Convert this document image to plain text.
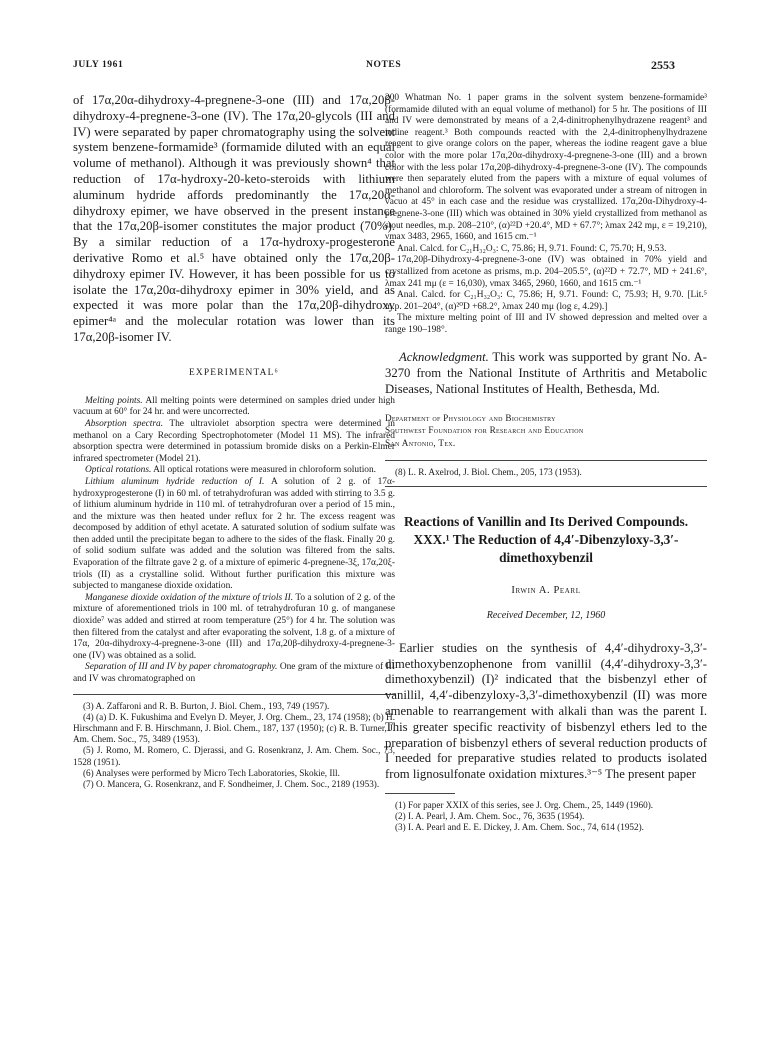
JULY 1961	NOTES	2553

of 17α,20α-dihydroxy-4-pregnene-3-one (III) and 17α,20β-dihydroxy-4-pregnene-3-one (IV). The 17α,20-glycols (III and IV) were separated by paper chromatography using the solvent system benzene-formamide³ (formamide diluted with an equal volume of methanol). Although it was previously shown⁴ that reduction of 17α-hydroxy-20-keto-steroids with lithium aluminum hydride affords predominantly the 17α,20α-dihydroxy epimer, we have observed in the present instance that the 17α,20β-isomer constitutes the major product (70%). By a similar reduction of a 17α-hydroxy-progesterone derivative Romo et al.⁵ have obtained only the 17α,20β-dihydroxy epimer IV. However, it has been possible for us to isolate the 17α,20α-dihydroxy epimer in 30% yield, and as expected it was more polar than the 17α,20β-dihydroxy epimer⁴ᵃ and the molecular rotation was lower than its 17α,20β-isomer IV.

EXPERIMENTAL⁶

Melting points. All melting points were determined on samples dried under high vacuum at 60° for 24 hr. and were uncorrected.

Absorption spectra. The ultraviolet absorption spectra were determined in methanol on a Cary Recording Spectrophotometer (Model 11 MS). The infrared absorption spectra were determined in potassium bromide disks on a Perkin-Elmer infrared spectrometer (Model 21).

Optical rotations. All optical rotations were measured in chloroform solution.

Lithium aluminum hydride reduction of I. A solution of 2 g. of 17α-hydroxyprogesterone (I) in 60 ml. of tetrahydrofuran was added with stirring to 3.5 g. of lithium aluminum hydride in 110 ml. of tetrahydrofuran over a period of 15 min., and the mixture was then heated under reflux for 2 hr. The excess reagent was decomposed by addition of ethyl acetate. A saturated solution of sodium sulfate was then added until the precipitate began to adhere to the sides of the flask. Finally 20 g. of solid sodium sulfate was added and the solution was filtered from the salts. Evaporation of the filtrate gave 2 g. of a mixture of epimeric 4-pregnene-3ξ, 17α,20ξ-triols (II) as a crystalline solid. Without further purification this mixture was subjected to manganese dioxide oxidation.

Manganese dioxide oxidation of the mixture of triols II. To a solution of 2 g. of the mixture of aforementioned triols in 100 ml. of tetrahydrofuran 10 g. of manganese dioxide⁷ was added and stirred at room temperature (25°) for 4 hr. The solution was then filtered from the catalyst and after evaporating the solvent, 1.8 g. of a mixture of 17α, 20α-dihydroxy-4-pregnene-3-one (III) and 17α,20β-dihydroxy-4-pregnene-3-one (IV) was obtained as a solid.

Separation of III and IV by paper chromatography. One gram of the mixture of III and IV was chromatographed on

(3) A. Zaffaroni and R. B. Burton, J. Biol. Chem., 193, 749 (1957).

(4) (a) D. K. Fukushima and Evelyn D. Meyer, J. Org. Chem., 23, 174 (1958); (b) H. Hirschmann and F. B. Hirschmann, J. Biol. Chem., 187, 137 (1950); (c) R. B. Turner, J. Am. Chem. Soc., 75, 3489 (1953).

(5) J. Romo, M. Romero, C. Djerassi, and G. Rosenkranz, J. Am. Chem. Soc., 73, 1528 (1951).

(6) Analyses were performed by Micro Tech Laboratories, Skokie, Ill.

(7) O. Mancera, G. Rosenkranz, and F. Sondheimer, J. Chem. Soc., 2189 (1953).

200 Whatman No. 1 paper grams in the solvent system benzene-formamide³ (formamide diluted with an equal volume of methanol) for 5 hr. The positions of III and IV were demonstrated by means of a 2,4-dinitrophenylhydrazene reagent³ and iodine reagent.³ Both compounds reacted with the 2,4-dinitrophenylhydrazene reagent to give orange colors on the paper, whereas the iodine reagent gave a blue color with the more polar 17α,20α-dihydroxy-4-pregnene-3-one (III) and a brown color with the less polar 17α,20β-dihydroxy-4-pregnene-3-one (IV). The compounds were then separately eluted from the papers with a mixture of equal volumes of methanol and chloroform. The solvent was evaporated under a stream of nitrogen in vacuo at 45° in each case and the residue was crystallized. 17α,20α-Dihydroxy-4-pregnene-3-one (III) which was obtained in 30% yield crystallized from methanol as stout needles, m.p. 208–210°, (α)²²D +20.4°, MD + 67.7°; λmax 242 mμ, ε = 19,210), νmax 3483, 2965, 1660, and 1615 cm.⁻¹

Anal. Calcd. for C₂₁H₃₂O₃: C, 75.86; H, 9.71. Found: C, 75.70; H, 9.53.

17α,20β-Dihydroxy-4-pregnene-3-one (IV) was obtained in 70% yield and crystallized from acetone as prisms, m.p. 204–205.5°, (α)²²D + 72.7°, MD + 241.6°, λmax 241 mμ (ε = 16,030), νmax 3465, 2960, 1660, and 1615 cm.⁻¹

Anal. Calcd. for C₂₁H₃₂O₃: C, 75.86; H, 9.71. Found: C, 75.93; H, 9.70. [Lit.⁵ m.p. 201–204°, (α)²⁰D +68.2°, λmax 240 mμ (log ε, 4.29).]

The mixture melting point of III and IV showed depression and melted over a range 190–198°.

Acknowledgment. This work was supported by grant No. A-3270 from the National Institute of Arthritis and Metabolic Diseases, National Institutes of Health, Bethesda, Md.

Department of Physiology and Biochemistry
Southwest Foundation for Research and Education
San Antonio, Tex.

(8) L. R. Axelrod, J. Biol. Chem., 205, 173 (1953).

Reactions of Vanillin and Its Derived Compounds. XXX.¹ The Reduction of 4,4′-Dibenzyloxy-3,3′-dimethoxybenzil
Irwin A. Pearl
Received December, 12, 1960

Earlier studies on the synthesis of 4,4′-dihydroxy-3,3′-dimethoxybenzophenone from vanillil (4,4′-dihydroxy-3,3′-dimethoxybenzil) (I)² indicated that the bisbenzyl ether of vanillil, 4,4′-dibenzyloxy-3,3′-dimethoxybenzil (II) was more amenable to rearrangement with alkali than was the parent I. This greater specific reactivity of bisbenzyl ethers led to the preparation of bisbenzyl ethers of several reduction products of I needed for preparative studies related to products isolated from lignosulfonate oxidation mixtures.³⁻⁵ The present paper

(1) For paper XXIX of this series, see J. Org. Chem., 25, 1449 (1960).

(2) I. A. Pearl, J. Am. Chem. Soc., 76, 3635 (1954).

(3) I. A. Pearl and E. E. Dickey, J. Am. Chem. Soc., 74, 614 (1952).
